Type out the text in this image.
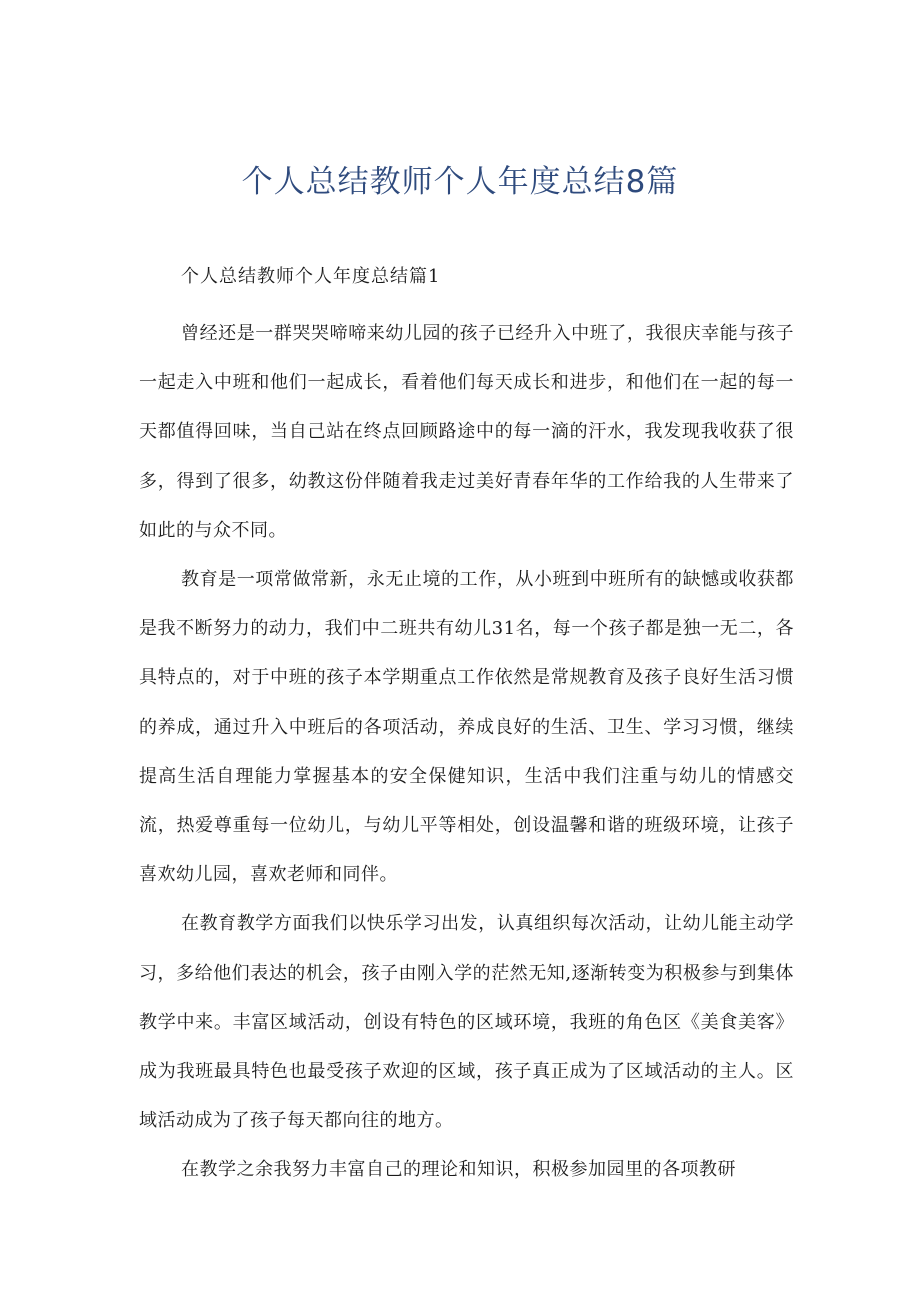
个人总结教师个人年度总结8篇
个人总结教师个人年度总结篇1

曾经还是一群哭哭啼啼来幼儿园的孩子已经升入中班了，我很庆幸能与孩子一起走入中班和他们一起成长，看着他们每天成长和进步，和他们在一起的每一天都值得回味，当自己站在终点回顾路途中的每一滴的汗水，我发现我收获了很多，得到了很多，幼教这份伴随着我走过美好青春年华的工作给我的人生带来了如此的与众不同。

教育是一项常做常新，永无止境的工作，从小班到中班所有的缺憾或收获都是我不断努力的动力，我们中二班共有幼儿31名，每一个孩子都是独一无二，各具特点的，对于中班的孩子本学期重点工作依然是常规教育及孩子良好生活习惯的养成，通过升入中班后的各项活动，养成良好的生活、卫生、学习习惯，继续提高生活自理能力掌握基本的安全保健知识，生活中我们注重与幼儿的情感交流，热爱尊重每一位幼儿，与幼儿平等相处，创设温馨和谐的班级环境，让孩子喜欢幼儿园，喜欢老师和同伴。

在教育教学方面我们以快乐学习出发，认真组织每次活动，让幼儿能主动学习，多给他们表达的机会，孩子由刚入学的茫然无知,逐渐转变为积极参与到集体教学中来。丰富区域活动，创设有特色的区域环境，我班的角色区《美食美客》成为我班最具特色也最受孩子欢迎的区域，孩子真正成为了区域活动的主人。区域活动成为了孩子每天都向往的地方。

在教学之余我努力丰富自己的理论和知识，积极参加园里的各项教研
